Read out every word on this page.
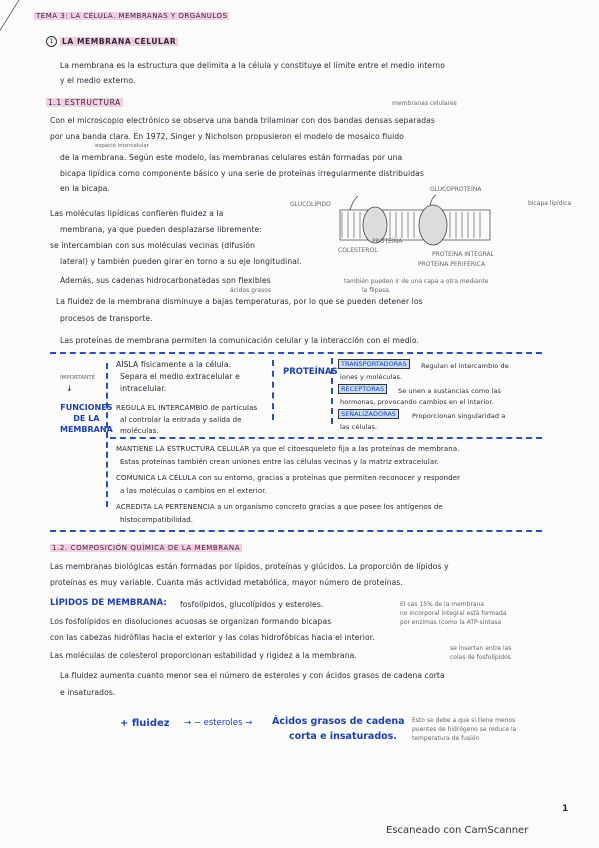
TEMA 3: LA CÉLULA. MEMBRANAS Y ORGÁNULOS
1	LA MEMBRANA CELULAR

La membrana es la estructura que delimita a la célula y constituye el límite entre el medio interno

y el medio externo.

1.1 ESTRUCTURA	membranas celulares

Con el microscopio electrónico se observa una banda trilaminar con dos bandas densas separadas

por una banda clara. En 1972, Singer y Nicholson propusieron el modelo de mosaico fluido

espacio intercelular

de la membrana. Según este modelo, las membranas celulares están formadas por una

bicapa lipídica como componente básico y una serie de proteínas irregularmente distribuidas

en la bicapa.	GLUCOPROTEÍNA
GLUCOLÍPIDO	bicapa lipídica
PROTEÍNA
COLESTEROL
PROTEÍNA INTEGRAL
PROTEÍNA PERIFÉRICA

Las moléculas lipídicas confieren fluidez a la

membrana, ya que pueden desplazarse libremente:

se intercambian con sus moléculas vecinas (difusión

lateral) y también pueden girar en torno a su eje longitudinal.

Además, sus cadenas hidrocarbonatadas son flexibles	también pueden ir de una capa a otra mediante
la flipasa.
ácidos grasos

La fluidez de la membrana disminuye a bajas temperaturas, por lo que se pueden detener los

procesos de transporte.

Las proteínas de membrana permiten la comunicación celular y la interacción con el medio.

IMPORTANTE
↓
FUNCIONES
DE LA
MEMBRANA

AÍSLA físicamente a la célula.

Separa el medio extracelular e

intracelular.

REGULA EL INTERCAMBIO de partículas

al controlar la entrada y salida de

moléculas.

PROTEÍNAS
TRANSPORTADORAS	Regulan el intercambio de

iones y moléculas.

RECEPTORAS	Se unen a sustancias como las

hormonas, provocando cambios en el interior.

SEÑALIZADORAS	Proporcionan singularidad a

las células.

MANTIENE LA ESTRUCTURA CELULAR ya que el citoesqueleto fija a las proteínas de membrana.

Estas proteínas también crean uniones entre las células vecinas y la matriz extracelular.

COMUNICA LA CÉLULA con su entorno, gracias a proteínas que permiten reconocer y responder

a las moléculas o cambios en el exterior.

ACREDITA LA PERTENENCIA a un organismo concreto gracias a que posee los antígenos de

histocompatibilidad.

1.2. COMPOSICIÓN QUÍMICA DE LA MEMBRANA

Las membranas biológicas están formadas por lípidos, proteínas y glúcidos. La proporción de lípidos y

proteínas es muy variable. Cuanta más actividad metabólica, mayor número de proteínas.

LÍPIDOS DE MEMBRANA: fosfolípidos, glucolípidos y esteroles.	El cas 15% de la membrana
no incorporal integral está formada
por enzimas (como la ATP-sintasa

Los fosfolípidos en disoluciones acuosas se organizan formando bicapas

con las cabezas hidrófilas hacia el exterior y las colas hidrofóbicas hacia el interior.

Las moléculas de colesterol proporcionan estabilidad y rigidez a la membrana.

se insertan entre las
colas de fosfolípidos

La fluidez aumenta cuanto menor sea el número de esteroles y con ácidos grasos de cadena corta

e insaturados.

+ fluidez → − esteroles → Ácidos grasos de cadena
corta e insaturados.
Esto se debe a que si tiene menos
puentes de hidrógeno se reduce la
temperatura de fusión
1
Escaneado con CamScanner
